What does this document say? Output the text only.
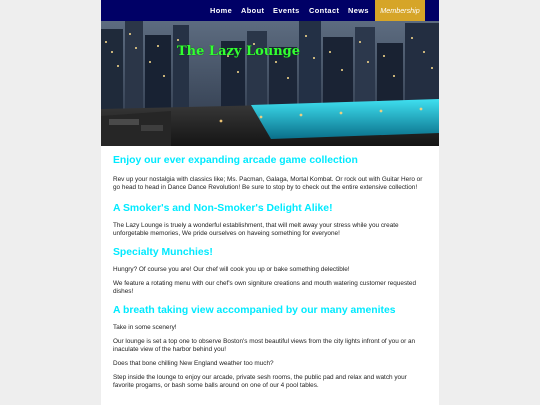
Home About Events Contact News	Membership
The Lazy Lounge
Enjoy our ever expanding arcade game collection

Rev up your nostalgia with classics like; Ms. Pacman, Galaga, Mortal Kombat. Or rock out with Guitar Hero or go head to head in Dance Dance Revolution! Be sure to stop by to check out the entire extensive collection!

A Smoker's and Non-Smoker's Delight Alike!

The Lazy Lounge is truely a wonderful establishment, that will melt away your stress while you create unforgetable memories, We pride ourselves on haveing something for everyone!

Specialty Munchies!

Hungry? Of course you are! Our chef will cook you up or bake something delectible!

We feature a rotating menu with our chef's own signiture creations and mouth watering customer requested dishes!

A breath taking view accompanied by our many amenites

Take in some scenery!

Our lounge is set a top one to observe Boston's most beautiful views from the city lights infront of you or an inaculate view of the harbor behind you!

Does that bone chilling New England weather too much?

Step inside the lounge to enjoy our arcade, private sesh rooms, the public pad and relax and watch your favorite progams, or bash some balls around on one of our 4 pool tables.
